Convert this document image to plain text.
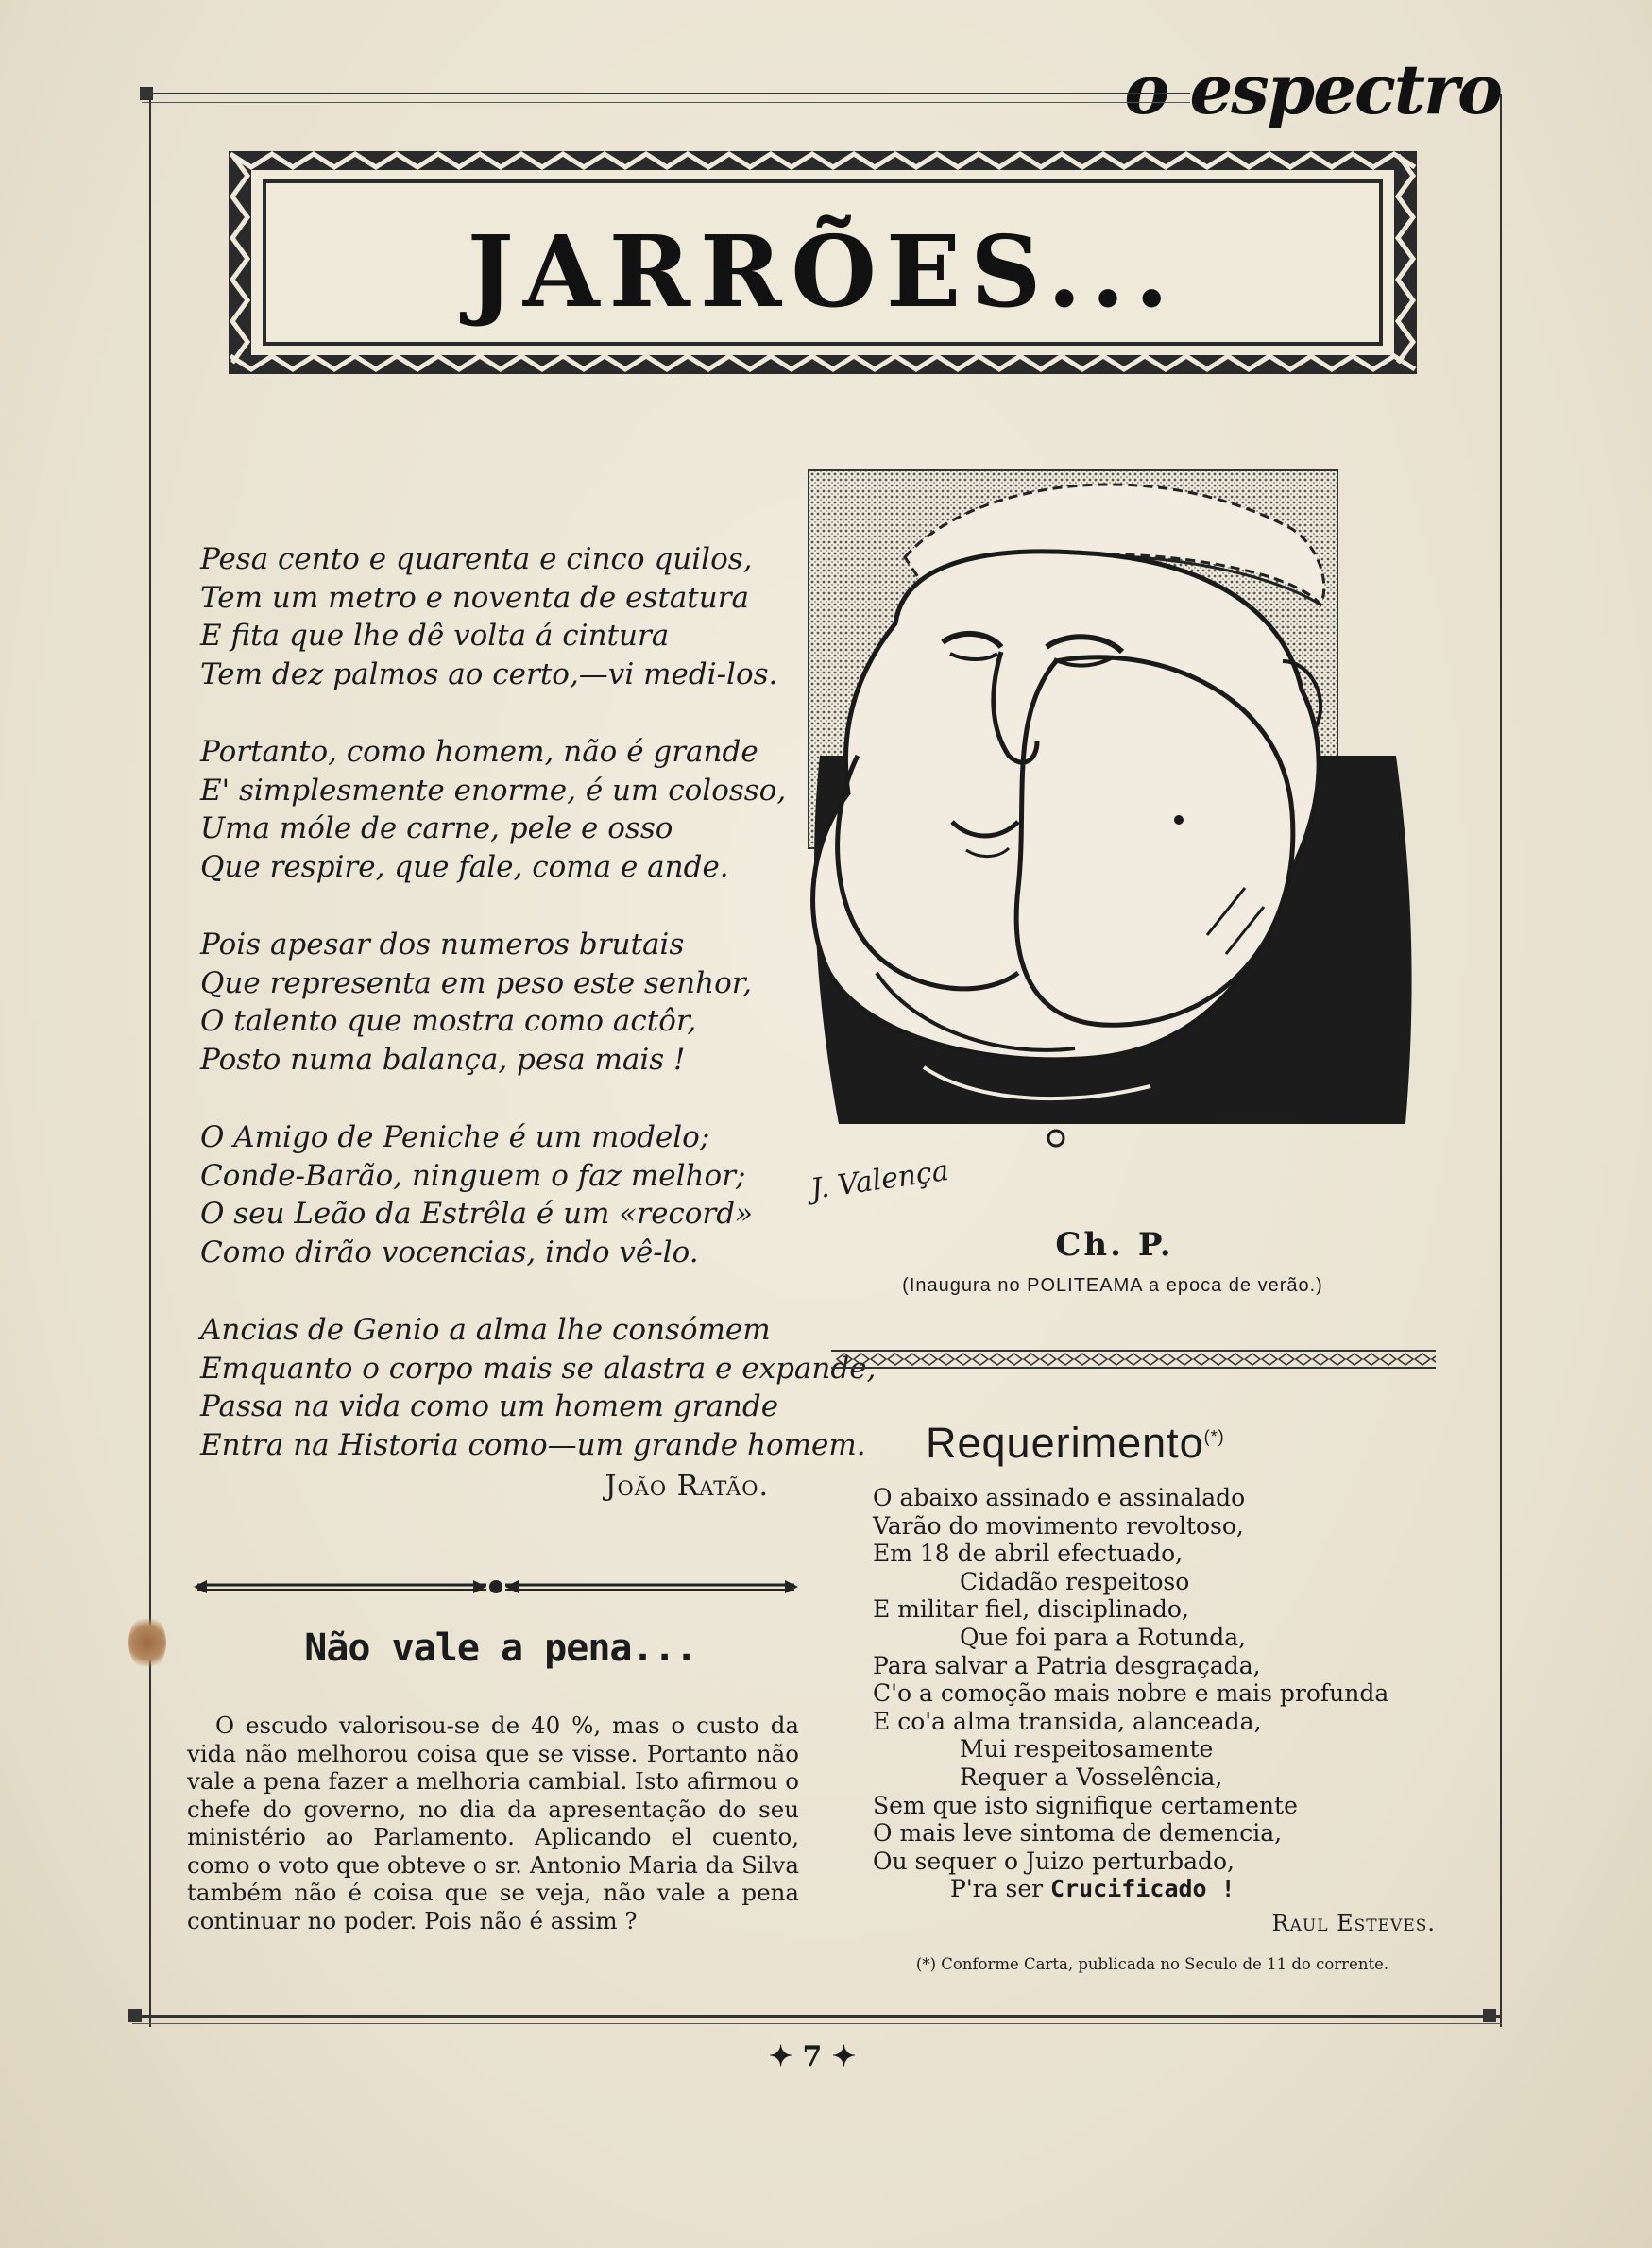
o espectro
JARRÕES...
Pesa cento e quarenta e cinco quilos,
Tem um metro e noventa de estatura
E fita que lhe dê volta á cintura
Tem dez palmos ao certo,—vi medi-los.
Portanto, como homem, não é grande
E' simplesmente enorme, é um colosso,
Uma móle de carne, pele e osso
Que respire, que fale, coma e ande.
Pois apesar dos numeros brutais
Que representa em peso este senhor,
O talento que mostra como actôr,
Posto numa balança, pesa mais !
O Amigo de Peniche é um modelo;
Conde-Barão, ninguem o faz melhor;
O seu Leão da Estrêla é um «record»
Como dirão vocencias, indo vê-lo.
Ancias de Genio a alma lhe consómem
Emquanto o corpo mais se alastra e expande,
Passa na vida como um homem grande
Entra na Historia como—um grande homem.
João Ratão.
Não vale a pena...

O escudo valorisou-se de 40 %, mas o custo da vida não melhorou coisa que se visse. Portanto não vale a pena fazer a melhoria cambial. Isto afirmou o chefe do governo, no dia da apresentação do seu ministério ao Parlamento. Aplicando el cuento, como o voto que obteve o sr. Antonio Maria da Silva também não é coisa que se veja, não vale a pena continuar no poder. Pois não é assim ?

J. Valença
Ch. P.
(Inaugura no POLITEAMA a epoca de verão.)
Requerimento(*)
O abaixo assinado e assinalado
Varão do movimento revoltoso,
Em 18 de abril efectuado,
Cidadão respeitoso
E militar fiel, disciplinado,
Que foi para a Rotunda,
Para salvar a Patria desgraçada,
C'o a comoção mais nobre e mais profunda
E co'a alma transida, alanceada,
Mui respeitosamente
Requer a Vosselência,
Sem que isto signifique certamente
O mais leve sintoma de demencia,
Ou sequer o Juizo perturbado,
P'ra ser Crucificado !
Raul Esteves.
(*) Conforme Carta, publicada no Seculo de 11 do corrente.
✦ 7 ✦
